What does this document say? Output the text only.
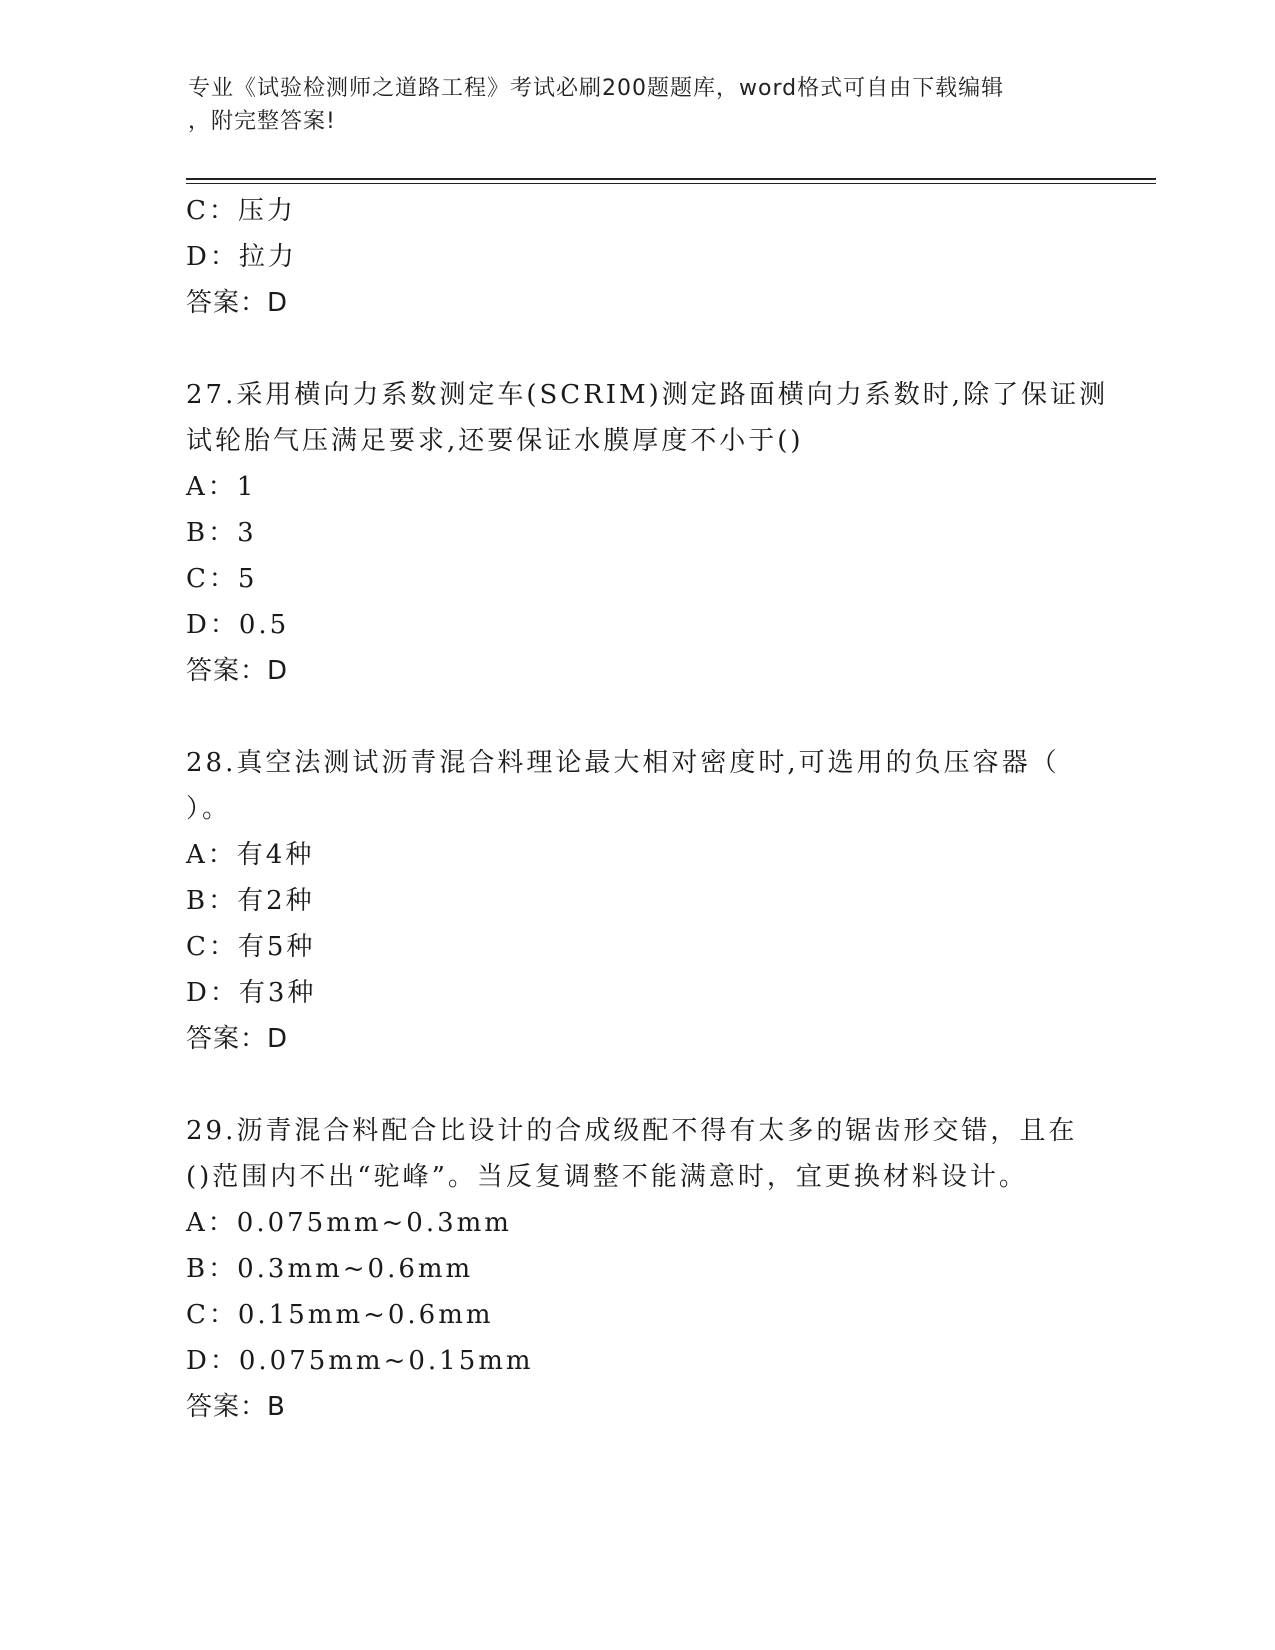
专业《试验检测师之道路工程》考试必刷200题题库，word格式可自由下载编辑
，附完整答案!
C：压力
D：拉力
答案：D
27.采用横向力系数测定车(SCRIM)测定路面横向力系数时,除了保证测
试轮胎气压满足要求,还要保证水膜厚度不小于()
A：1
B：3
C：5
D：0.5
答案：D
28.真空法测试沥青混合料理论最大相对密度时,可选用的负压容器（
）。
A：有4种
B：有2种
C：有5种
D：有3种
答案：D
29.沥青混合料配合比设计的合成级配不得有太多的锯齿形交错，且在
()范围内不出“驼峰”。当反复调整不能满意时，宜更换材料设计。
A：0.075mm~0.3mm
B：0.3mm~0.6mm
C：0.15mm~0.6mm
D：0.075mm~0.15mm
答案：B
